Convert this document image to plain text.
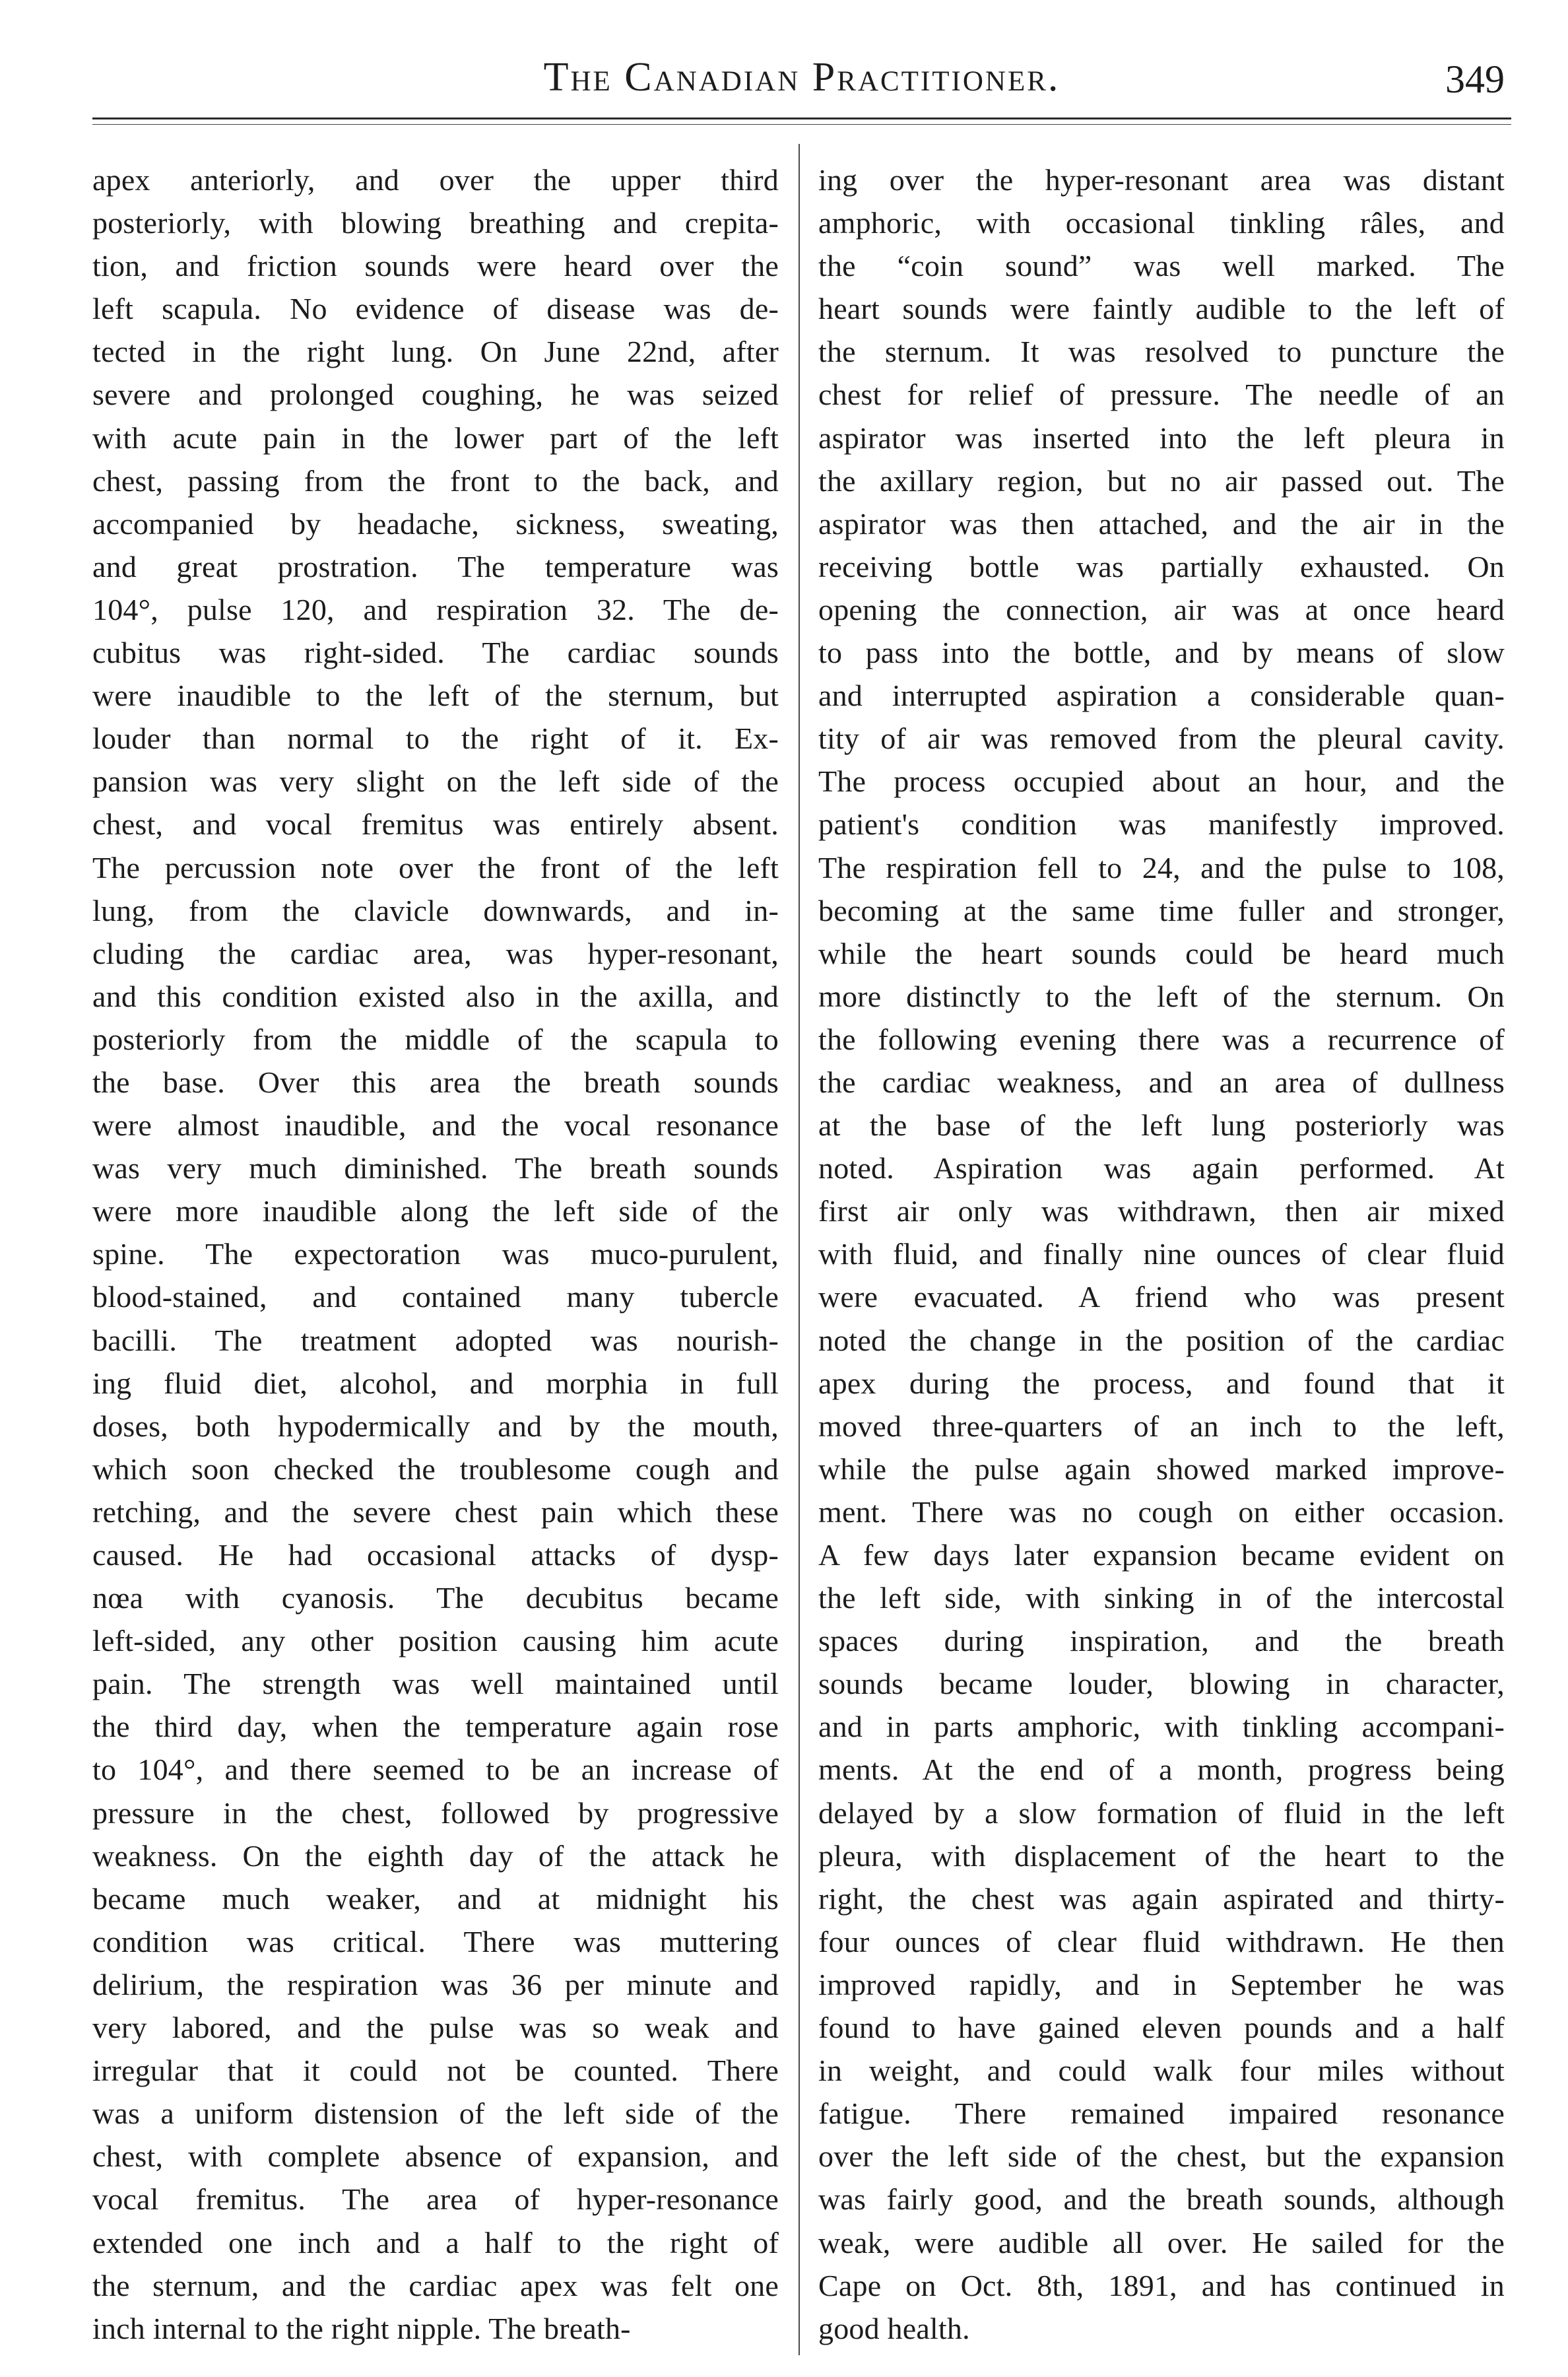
The Canadian Practitioner.	349
apex anteriorly, and over the upper third
posteriorly, with blowing breathing and crepita-
tion, and friction sounds were heard over the
left scapula. No evidence of disease was de-
tected in the right lung. On June 22nd, after
severe and prolonged coughing, he was seized
with acute pain in the lower part of the left
chest, passing from the front to the back, and
accompanied by headache, sickness, sweating,
and great prostration. The temperature was
104°, pulse 120, and respiration 32. The de-
cubitus was right-sided. The cardiac sounds
were inaudible to the left of the sternum, but
louder than normal to the right of it. Ex-
pansion was very slight on the left side of the
chest, and vocal fremitus was entirely absent.
The percussion note over the front of the left
lung, from the clavicle downwards, and in-
cluding the cardiac area, was hyper-resonant,
and this condition existed also in the axilla, and
posteriorly from the middle of the scapula to
the base. Over this area the breath sounds
were almost inaudible, and the vocal resonance
was very much diminished. The breath sounds
were more inaudible along the left side of the
spine. The expectoration was muco-purulent,
blood-stained, and contained many tubercle
bacilli. The treatment adopted was nourish-
ing fluid diet, alcohol, and morphia in full
doses, both hypodermically and by the mouth,
which soon checked the troublesome cough and
retching, and the severe chest pain which these
caused. He had occasional attacks of dysp-
nœa with cyanosis. The decubitus became
left-sided, any other position causing him acute
pain. The strength was well maintained until
the third day, when the temperature again rose
to 104°, and there seemed to be an increase of
pressure in the chest, followed by progressive
weakness. On the eighth day of the attack he
became much weaker, and at midnight his
condition was critical. There was muttering
delirium, the respiration was 36 per minute and
very labored, and the pulse was so weak and
irregular that it could not be counted. There
was a uniform distension of the left side of the
chest, with complete absence of expansion, and
vocal fremitus. The area of hyper-resonance
extended one inch and a half to the right of
the sternum, and the cardiac apex was felt one
inch internal to the right nipple. The breath-
ing over the hyper-resonant area was distant
amphoric, with occasional tinkling râles, and
the “coin sound” was well marked. The
heart sounds were faintly audible to the left of
the sternum. It was resolved to puncture the
chest for relief of pressure. The needle of an
aspirator was inserted into the left pleura in
the axillary region, but no air passed out. The
aspirator was then attached, and the air in the
receiving bottle was partially exhausted. On
opening the connection, air was at once heard
to pass into the bottle, and by means of slow
and interrupted aspiration a considerable quan-
tity of air was removed from the pleural cavity.
The process occupied about an hour, and the
patient's condition was manifestly improved.
The respiration fell to 24, and the pulse to 108,
becoming at the same time fuller and stronger,
while the heart sounds could be heard much
more distinctly to the left of the sternum. On
the following evening there was a recurrence of
the cardiac weakness, and an area of dullness
at the base of the left lung posteriorly was
noted. Aspiration was again performed. At
first air only was withdrawn, then air mixed
with fluid, and finally nine ounces of clear fluid
were evacuated. A friend who was present
noted the change in the position of the cardiac
apex during the process, and found that it
moved three-quarters of an inch to the left,
while the pulse again showed marked improve-
ment. There was no cough on either occasion.
A few days later expansion became evident on
the left side, with sinking in of the intercostal
spaces during inspiration, and the breath
sounds became louder, blowing in character,
and in parts amphoric, with tinkling accompani-
ments. At the end of a month, progress being
delayed by a slow formation of fluid in the left
pleura, with displacement of the heart to the
right, the chest was again aspirated and thirty-
four ounces of clear fluid withdrawn. He then
improved rapidly, and in September he was
found to have gained eleven pounds and a half
in weight, and could walk four miles without
fatigue. There remained impaired resonance
over the left side of the chest, but the expansion
was fairly good, and the breath sounds, although
weak, were audible all over. He sailed for the
Cape on Oct. 8th, 1891, and has continued in
good health.
